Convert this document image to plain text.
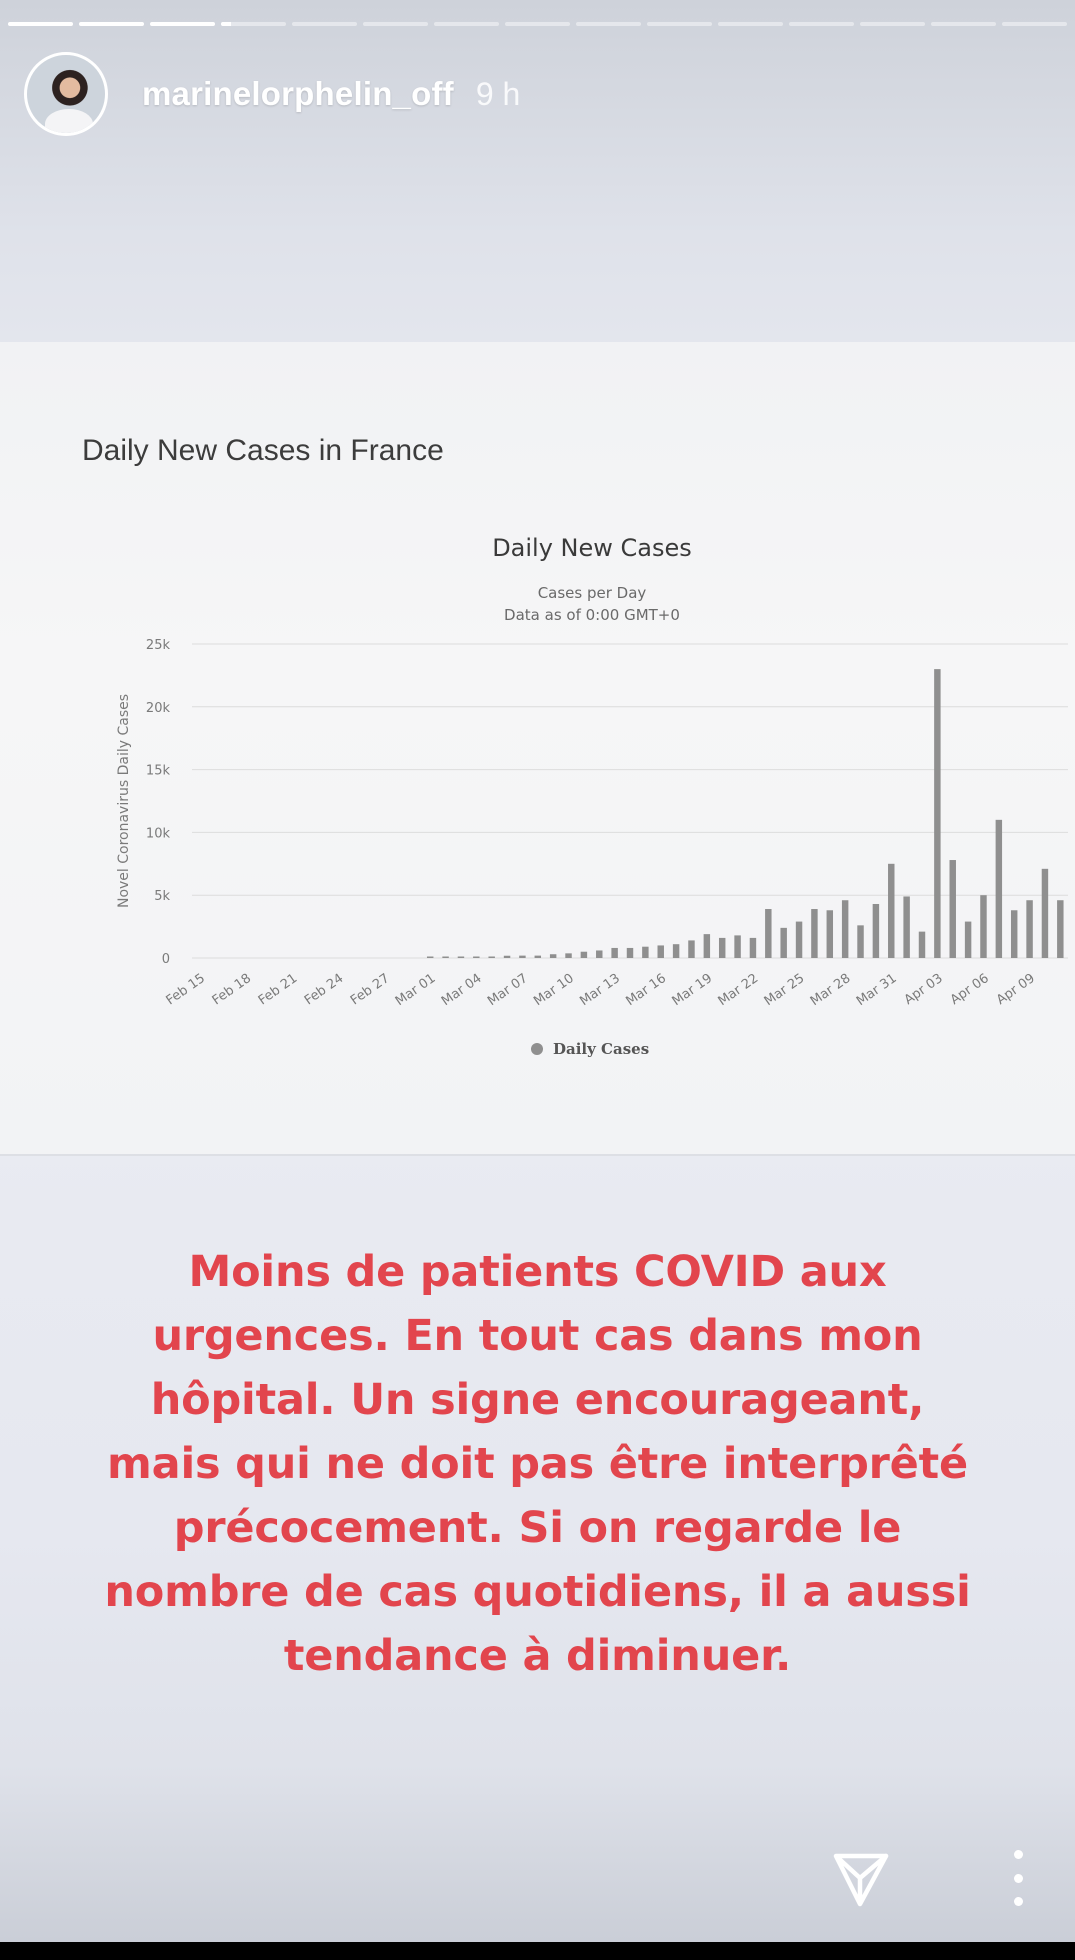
marinelorphelin_off 9 h
Daily New Cases in France
Daily New Cases
Cases per Day
Data as of 0:00 GMT+0
0
5k
10k
15k
20k
25k
Novel Coronavirus Daily Cases
Feb 15 Feb 18 Feb 21 Feb 24 Feb 27 Mar 01 Mar 04 Mar 07 Mar 10 Mar 13 Mar 16 Mar 19 Mar 22 Mar 25 Mar 28 Mar 31 Apr 03 Apr 06 Apr 09
Daily Cases
Moins de patients COVID aux
urgences. En tout cas dans mon
hôpital. Un signe encourageant,
mais qui ne doit pas être interprêté
précocement. Si on regarde le
nombre de cas quotidiens, il a aussi
tendance à diminuer.
